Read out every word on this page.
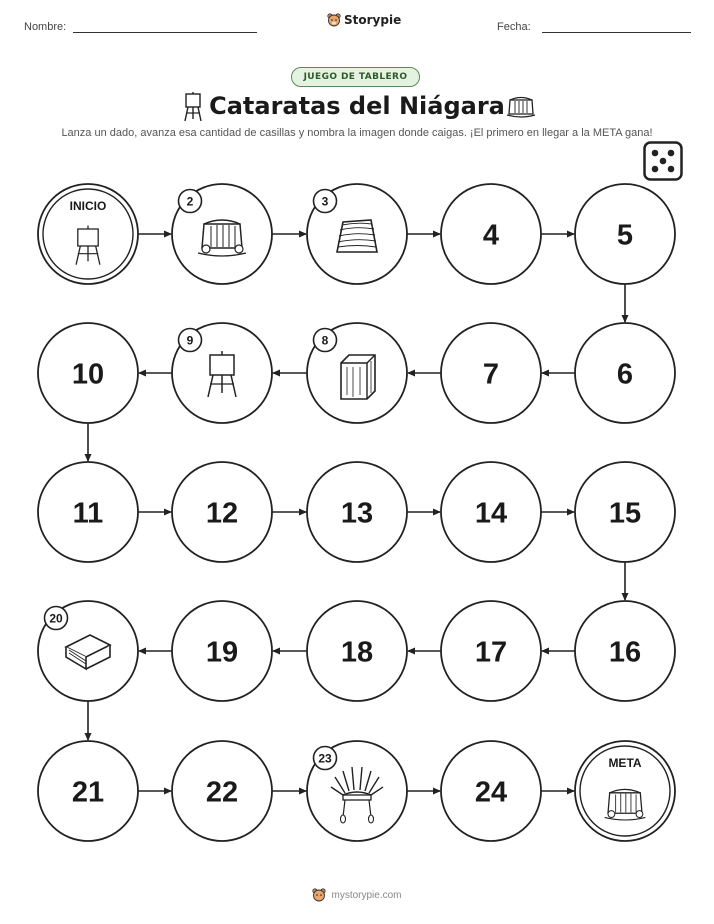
Nombre:	Storypie	Fecha:
JUEGO DE TABLERO
Cataratas del Niágara
Lanza un dado, avanza esa cantidad de casillas y nombra la imagen donde caigas. ¡El primero en llegar a la META gana!
INICIO	2	3
4	5
6
7
8
9
10
11	12	13	14	15
16
17
18
19
20
21	22
23
24
META
mystorypie.com
